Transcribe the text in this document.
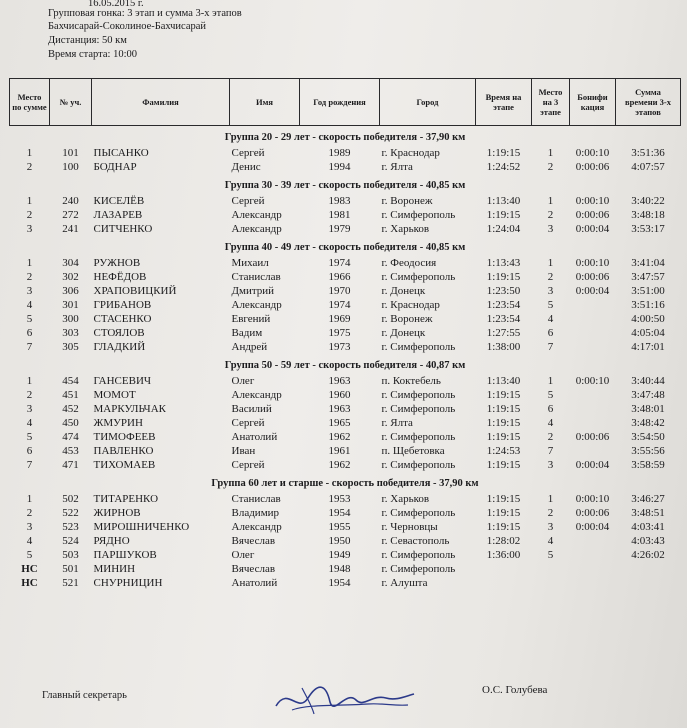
16.05.2015 г.
Групповая гонка: 3 этап и сумма 3-х этапов
Бахчисарай-Соколиное-Бахчисарай
Дистанция: 50 км
Время старта: 10:00
Место по сумме	№ уч.	Фамилия	Имя	Год рождения	Город	Время на этапе	Место на 3 этапе	Бонифи кация	Сумма времени 3-х этапов
Группа 20 - 29 лет - скорость победителя - 37,90 км									
1	101	ПЫСАНКО	Сергей	1989	г. Краснодар	1:19:15	1	0:00:10	3:51:36
2	100	БОДНАР	Денис	1994	г. Ялта	1:24:52	2	0:00:06	4:07:57
Группа 30 - 39 лет - скорость победителя - 40,85 км									
1	240	КИСЕЛЁВ	Сергей	1983	г. Воронеж	1:13:40	1	0:00:10	3:40:22
2	272	ЛАЗАРЕВ	Александр	1981	г. Симферополь	1:19:15	2	0:00:06	3:48:18
3	241	СИТЧЕНКО	Александр	1979	г. Харьков	1:24:04	3	0:00:04	3:53:17
Группа 40 - 49 лет - скорость победителя - 40,85 км									
1	304	РУЖНОВ	Михаил	1974	г. Феодосия	1:13:43	1	0:00:10	3:41:04
2	302	НЕФЁДОВ	Станислав	1966	г. Симферополь	1:19:15	2	0:00:06	3:47:57
3	306	ХРАПОВИЦКИЙ	Дмитрий	1970	г. Донецк	1:23:50	3	0:00:04	3:51:00
4	301	ГРИБАНОВ	Александр	1974	г. Краснодар	1:23:54	5		3:51:16
5	300	СТАСЕНКО	Евгений	1969	г. Воронеж	1:23:54	4		4:00:50
6	303	СТОЯЛОВ	Вадим	1975	г. Донецк	1:27:55	6		4:05:04
7	305	ГЛАДКИЙ	Андрей	1973	г. Симферополь	1:38:00	7		4:17:01
Группа 50 - 59 лет - скорость победителя - 40,87 км									
1	454	ГАНСЕВИЧ	Олег	1963	п. Коктебель	1:13:40	1	0:00:10	3:40:44
2	451	МОМОТ	Александр	1960	г. Симферополь	1:19:15	5		3:47:48
3	452	МАРКУЛЬЧАК	Василий	1963	г. Симферополь	1:19:15	6		3:48:01
4	450	ЖМУРИН	Сергей	1965	г. Ялта	1:19:15	4		3:48:42
5	474	ТИМОФЕЕВ	Анатолий	1962	г. Симферополь	1:19:15	2	0:00:06	3:54:50
6	453	ПАВЛЕНКО	Иван	1961	п. Щебетовка	1:24:53	7		3:55:56
7	471	ТИХОМАЕВ	Сергей	1962	г. Симферополь	1:19:15	3	0:00:04	3:58:59
Группа 60 лет и старше - скорость победителя - 37,90 км									
1	502	ТИТАРЕНКО	Станислав	1953	г. Харьков	1:19:15	1	0:00:10	3:46:27
2	522	ЖИРНОВ	Владимир	1954	г. Симферополь	1:19:15	2	0:00:06	3:48:51
3	523	МИРОШНИЧЕНКО	Александр	1955	г. Черновцы	1:19:15	3	0:00:04	4:03:41
4	524	РЯДНО	Вячеслав	1950	г. Севастополь	1:28:02	4		4:03:43
5	503	ПАРШУКОВ	Олег	1949	г. Симферополь	1:36:00	5		4:26:02
НС	501	МИНИН	Вячеслав	1948	г. Симферополь				
НС	521	СНУРНИЦИН	Анатолий	1954	г. Алушта				
Главный секретарь	О.С. Голубева
